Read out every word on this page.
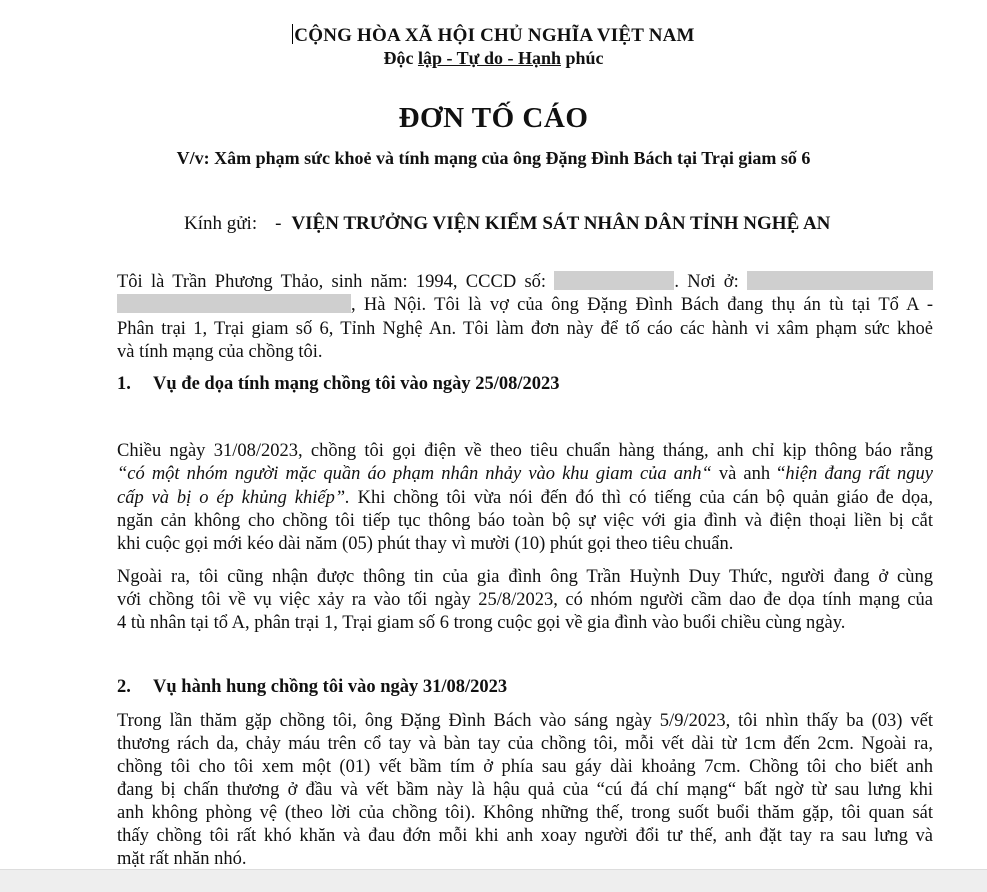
CỘNG HÒA XÃ HỘI CHỦ NGHĨA VIỆT NAM
Độc lập - Tự do - Hạnh phúc
ĐƠN TỐ CÁO
V/v: Xâm phạm sức khoẻ và tính mạng của ông Đặng Đình Bách tại Trại giam số 6
Kính gửi: - VIỆN TRƯỞNG VIỆN KIỂM SÁT NHÂN DÂN TỈNH NGHỆ AN
Tôi là Trần Phương Thảo, sinh năm: 1994, CCCD số:	. Nơi ở:
, Hà Nội. Tôi là vợ của ông Đặng Đình Bách đang thụ án tù tại Tổ A -
Phân trại 1, Trại giam số 6, Tỉnh Nghệ An. Tôi làm đơn này để tố cáo các hành vi xâm phạm sức khoẻ
và tính mạng của chồng tôi.
1. Vụ đe dọa tính mạng chồng tôi vào ngày 25/08/2023
Chiều ngày 31/08/2023, chồng tôi gọi điện về theo tiêu chuẩn hàng tháng, anh chỉ kịp thông báo rằng
“có một nhóm người mặc quần áo phạm nhân nhảy vào khu giam của anh“ và anh “hiện đang rất nguy
cấp và bị o ép khủng khiếp”. Khi chồng tôi vừa nói đến đó thì có tiếng của cán bộ quản giáo đe dọa,
ngăn cản không cho chồng tôi tiếp tục thông báo toàn bộ sự việc với gia đình và điện thoại liền bị cắt
khi cuộc gọi mới kéo dài năm (05) phút thay vì mười (10) phút gọi theo tiêu chuẩn.
Ngoài ra, tôi cũng nhận được thông tin của gia đình ông Trần Huỳnh Duy Thức, người đang ở cùng
với chồng tôi về vụ việc xảy ra vào tối ngày 25/8/2023, có nhóm người cầm dao đe dọa tính mạng của
4 tù nhân tại tổ A, phân trại 1, Trại giam số 6 trong cuộc gọi về gia đình vào buổi chiều cùng ngày.
2. Vụ hành hung chồng tôi vào ngày 31/08/2023
Trong lần thăm gặp chồng tôi, ông Đặng Đình Bách vào sáng ngày 5/9/2023, tôi nhìn thấy ba (03) vết
thương rách da, chảy máu trên cổ tay và bàn tay của chồng tôi, mỗi vết dài từ 1cm đến 2cm. Ngoài ra,
chồng tôi cho tôi xem một (01) vết bầm tím ở phía sau gáy dài khoảng 7cm. Chồng tôi cho biết anh
đang bị chấn thương ở đầu và vết bầm này là hậu quả của “cú đá chí mạng“ bất ngờ từ sau lưng khi
anh không phòng vệ (theo lời của chồng tôi). Không những thế, trong suốt buổi thăm gặp, tôi quan sát
thấy chồng tôi rất khó khăn và đau đớn mỗi khi anh xoay người đổi tư thế, anh đặt tay ra sau lưng và
mặt rất nhăn nhó.
